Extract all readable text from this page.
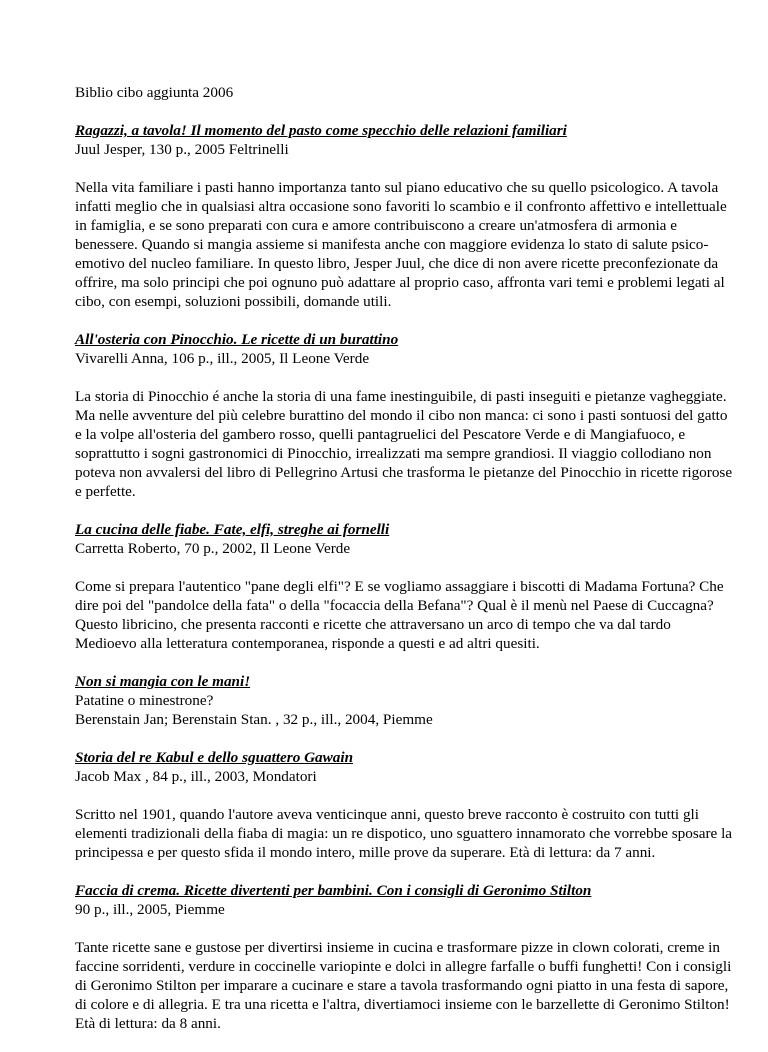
Biblio cibo aggiunta 2006
Ragazzi, a tavola! Il momento del pasto come specchio delle relazioni familiari
Juul Jesper, 130 p., 2005 Feltrinelli
Nella vita familiare i pasti hanno importanza tanto sul piano educativo che su quello psicologico. A tavola infatti meglio che in qualsiasi altra occasione sono favoriti lo scambio e il confronto affettivo e intellettuale in famiglia, e se sono preparati con cura e amore contribuiscono a creare un'atmosfera di armonia e benessere. Quando si mangia assieme si manifesta anche con maggiore evidenza lo stato di salute psico-emotivo del nucleo familiare. In questo libro, Jesper Juul, che dice di non avere ricette preconfezionate da offrire, ma solo principi che poi ognuno può adattare al proprio caso, affronta vari temi e problemi legati al cibo, con esempi, soluzioni possibili, domande utili.
All'osteria con Pinocchio. Le ricette di un burattino
Vivarelli Anna, 106 p., ill., 2005, Il Leone Verde
La storia di Pinocchio é anche la storia di una fame inestinguibile, di pasti inseguiti e pietanze vagheggiate. Ma nelle avventure del più celebre burattino del mondo il cibo non manca: ci sono i pasti sontuosi del gatto e la volpe all'osteria del gambero rosso, quelli pantagruelici del Pescatore Verde e di Mangiafuoco, e soprattutto i sogni gastronomici di Pinocchio, irrealizzati ma sempre grandiosi. Il viaggio collodiano non poteva non avvalersi del libro di Pellegrino Artusi che trasforma le pietanze del Pinocchio in ricette rigorose e perfette.
La cucina delle fiabe. Fate, elfi, streghe ai fornelli
Carretta Roberto, 70 p., 2002, Il Leone Verde
Come si prepara l'autentico "pane degli elfi"? E se vogliamo assaggiare i biscotti di Madama Fortuna? Che dire poi del "pandolce della fata" o della "focaccia della Befana"? Qual è il menù nel Paese di Cuccagna? Questo libricino, che presenta racconti e ricette che attraversano un arco di tempo che va dal tardo Medioevo alla letteratura contemporanea, risponde a questi e ad altri quesiti.
Non si mangia con le mani!
Patatine o minestrone?
Berenstain Jan; Berenstain Stan. , 32 p., ill., 2004, Piemme
Storia del re Kabul e dello sguattero Gawain
Jacob Max , 84 p., ill., 2003, Mondatori
Scritto nel 1901, quando l'autore aveva venticinque anni, questo breve racconto è costruito con tutti gli elementi tradizionali della fiaba di magia: un re dispotico, uno sguattero innamorato che vorrebbe sposare la principessa e per questo sfida il mondo intero, mille prove da superare. Età di lettura: da 7 anni.
Faccia di crema. Ricette divertenti per bambini. Con i consigli di Geronimo Stilton
90 p., ill., 2005, Piemme
Tante ricette sane e gustose per divertirsi insieme in cucina e trasformare pizze in clown colorati, creme in faccine sorridenti, verdure in coccinelle variopinte e dolci in allegre farfalle o buffi funghetti! Con i consigli di Geronimo Stilton per imparare a cucinare e stare a tavola trasformando ogni piatto in una festa di sapore, di colore e di allegria. E tra una ricetta e l'altra, divertiamoci insieme con le barzellette di Geronimo Stilton! Età di lettura: da 8 anni.
